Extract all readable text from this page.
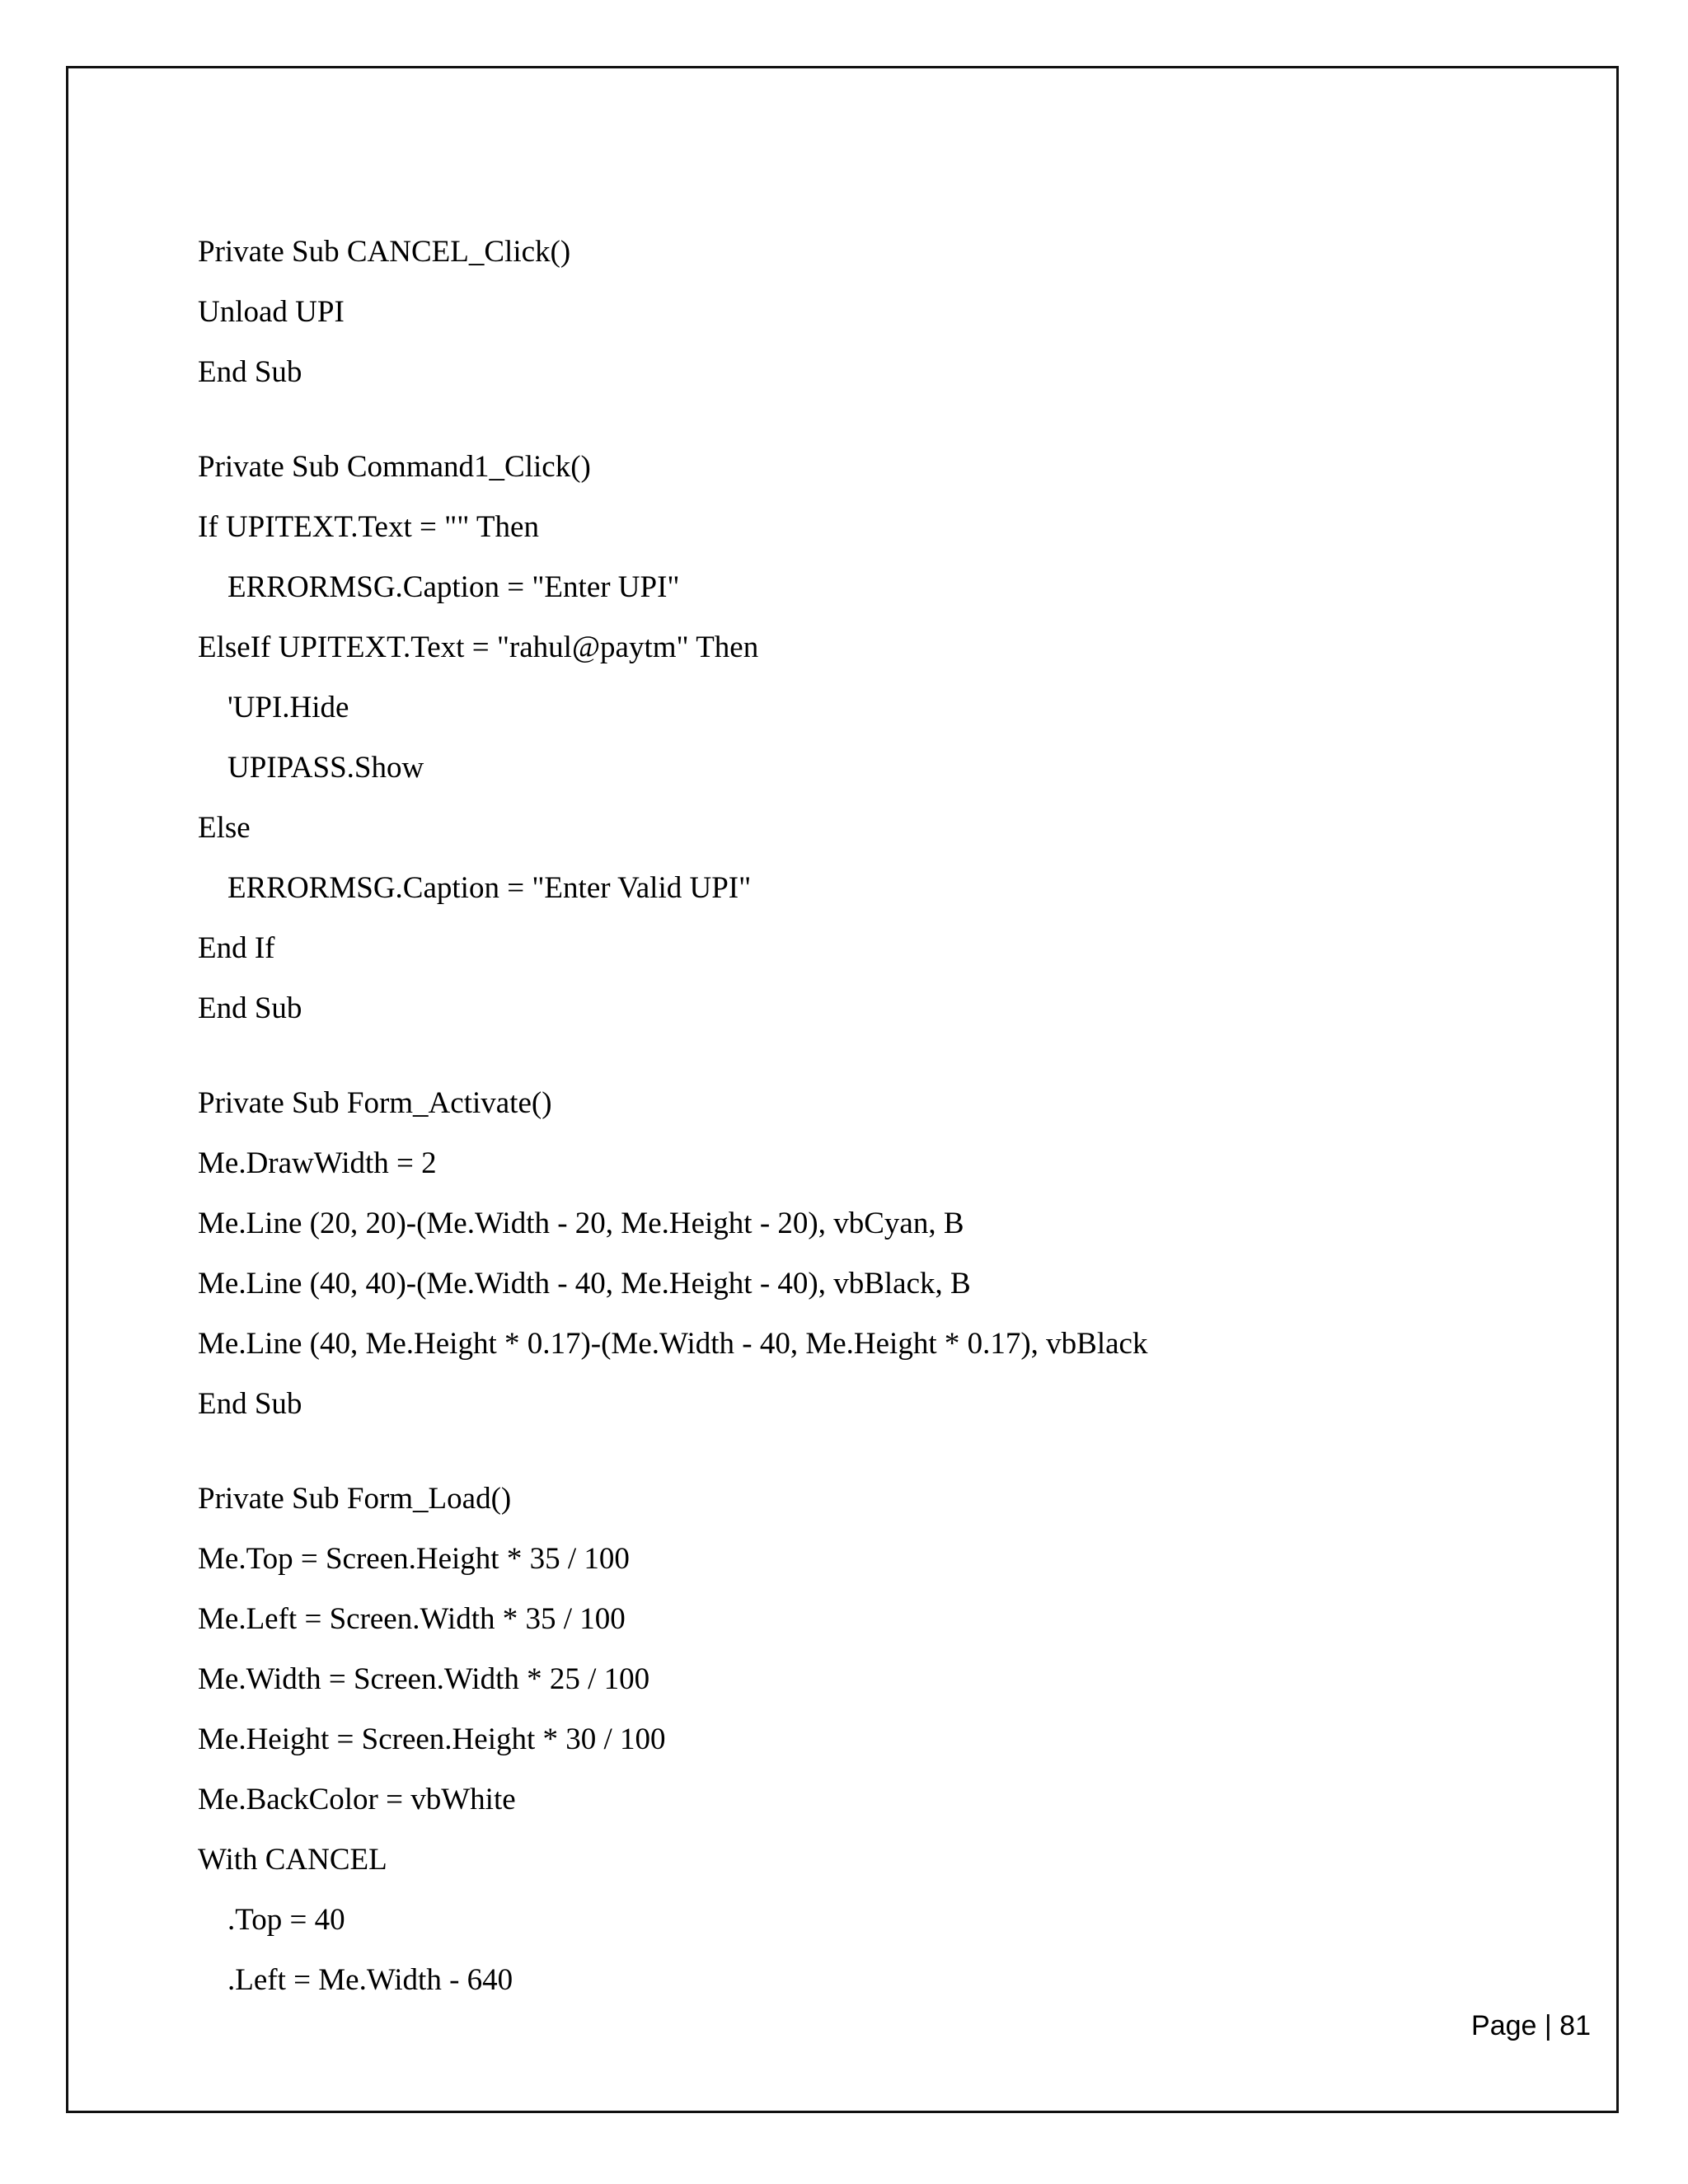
Private Sub CANCEL_Click()
Unload UPI
End Sub
Private Sub Command1_Click()
If UPITEXT.Text = "" Then
ERRORMSG.Caption = "Enter UPI"
ElseIf UPITEXT.Text = "rahul@paytm" Then
'UPI.Hide
UPIPASS.Show
Else
ERRORMSG.Caption = "Enter Valid UPI"
End If
End Sub
Private Sub Form_Activate()
Me.DrawWidth = 2
Me.Line (20, 20)-(Me.Width - 20, Me.Height - 20), vbCyan, B
Me.Line (40, 40)-(Me.Width - 40, Me.Height - 40), vbBlack, B
Me.Line (40, Me.Height * 0.17)-(Me.Width - 40, Me.Height * 0.17), vbBlack
End Sub
Private Sub Form_Load()
Me.Top = Screen.Height * 35 / 100
Me.Left = Screen.Width * 35 / 100
Me.Width = Screen.Width * 25 / 100
Me.Height = Screen.Height * 30 / 100
Me.BackColor = vbWhite
With CANCEL
.Top = 40
.Left = Me.Width - 640
Page | 81
